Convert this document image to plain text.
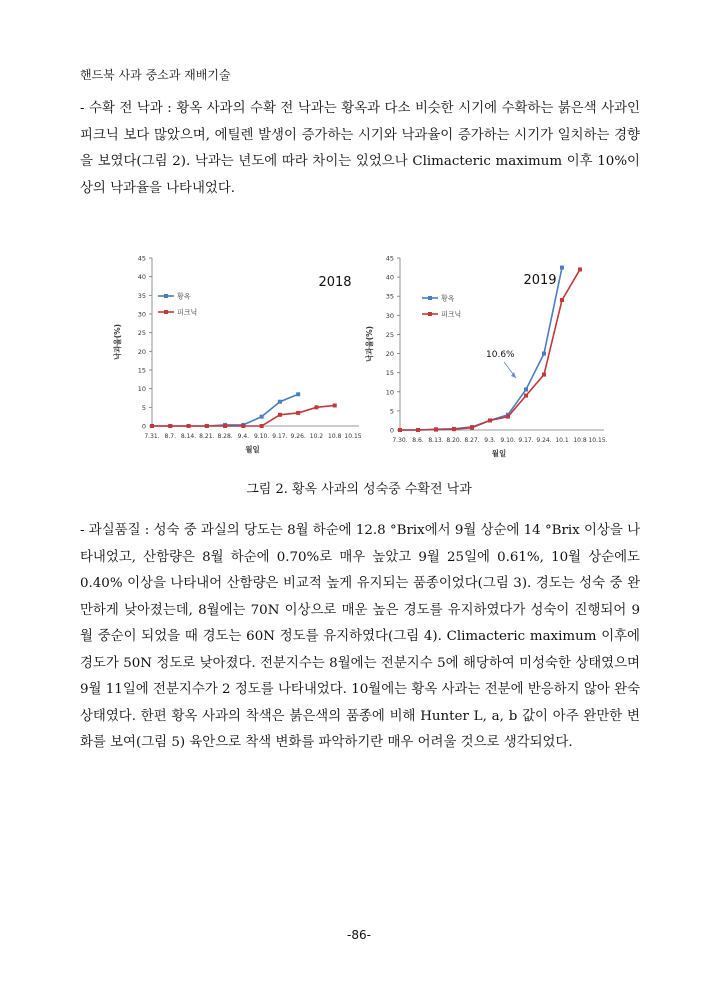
핸드북 사과 중소과 재배기술

- 수확 전 낙과 : 황옥 사과의 수확 전 낙과는 황옥과 다소 비슷한 시기에 수확하는 붉은색 사과인 피크닉 보다 많았으며, 에틸렌 발생이 증가하는 시기와 낙과율이 증가하는 시기가 일치하는 경향을 보였다(그림 2). 낙과는 년도에 따라 차이는 있었으나 Climacteric maximum 이후 10%이상의 낙과율을 나타내었다.

0
5
10
15
20
25
30
35
40
45
7.31. 8.7. 8.14. 8.21. 8.28. 9.4. 9.10. 9.17. 9.26. 10.2 10.8 10.15
월일
낙과율(%)
2018
황옥
피크닉
0
5
10
15
20
25
30
35
40
45
7.30. 8.6. 8.13. 8.20. 8.27. 9.3. 9.10. 9.17. 9.24. 10.1 10.8 10.15.
월일
낙과율(%)
2019
황옥
피크닉
10.6%
그림 2. 황옥 사과의 성숙중 수확전 낙과

- 과실품질 : 성숙 중 과실의 당도는 8월 하순에 12.8 °Brix에서 9월 상순에 14 °Brix 이상을 나타내었고, 산함량은 8월 하순에 0.70%로 매우 높았고 9월 25일에 0.61%, 10월 상순에도 0.40% 이상을 나타내어 산함량은 비교적 높게 유지되는 품종이었다(그림 3). 경도는 성숙 중 완만하게 낮아졌는데, 8월에는 70N 이상으로 매운 높은 경도를 유지하였다가 성숙이 진행되어 9월 중순이 되었을 때 경도는 60N 정도를 유지하였다(그림 4). Climacteric maximum 이후에 경도가 50N 정도로 낮아졌다. 전분지수는 8월에는 전분지수 5에 해당하여 미성숙한 상태였으며 9월 11일에 전분지수가 2 정도를 나타내었다. 10월에는 황옥 사과는 전분에 반응하지 않아 완숙상태였다. 한편 황옥 사과의 착색은 붉은색의 품종에 비해 Hunter L, a, b 값이 아주 완만한 변화를 보여(그림 5) 육안으로 착색 변화를 파악하기란 매우 어려울 것으로 생각되었다.

-86-
